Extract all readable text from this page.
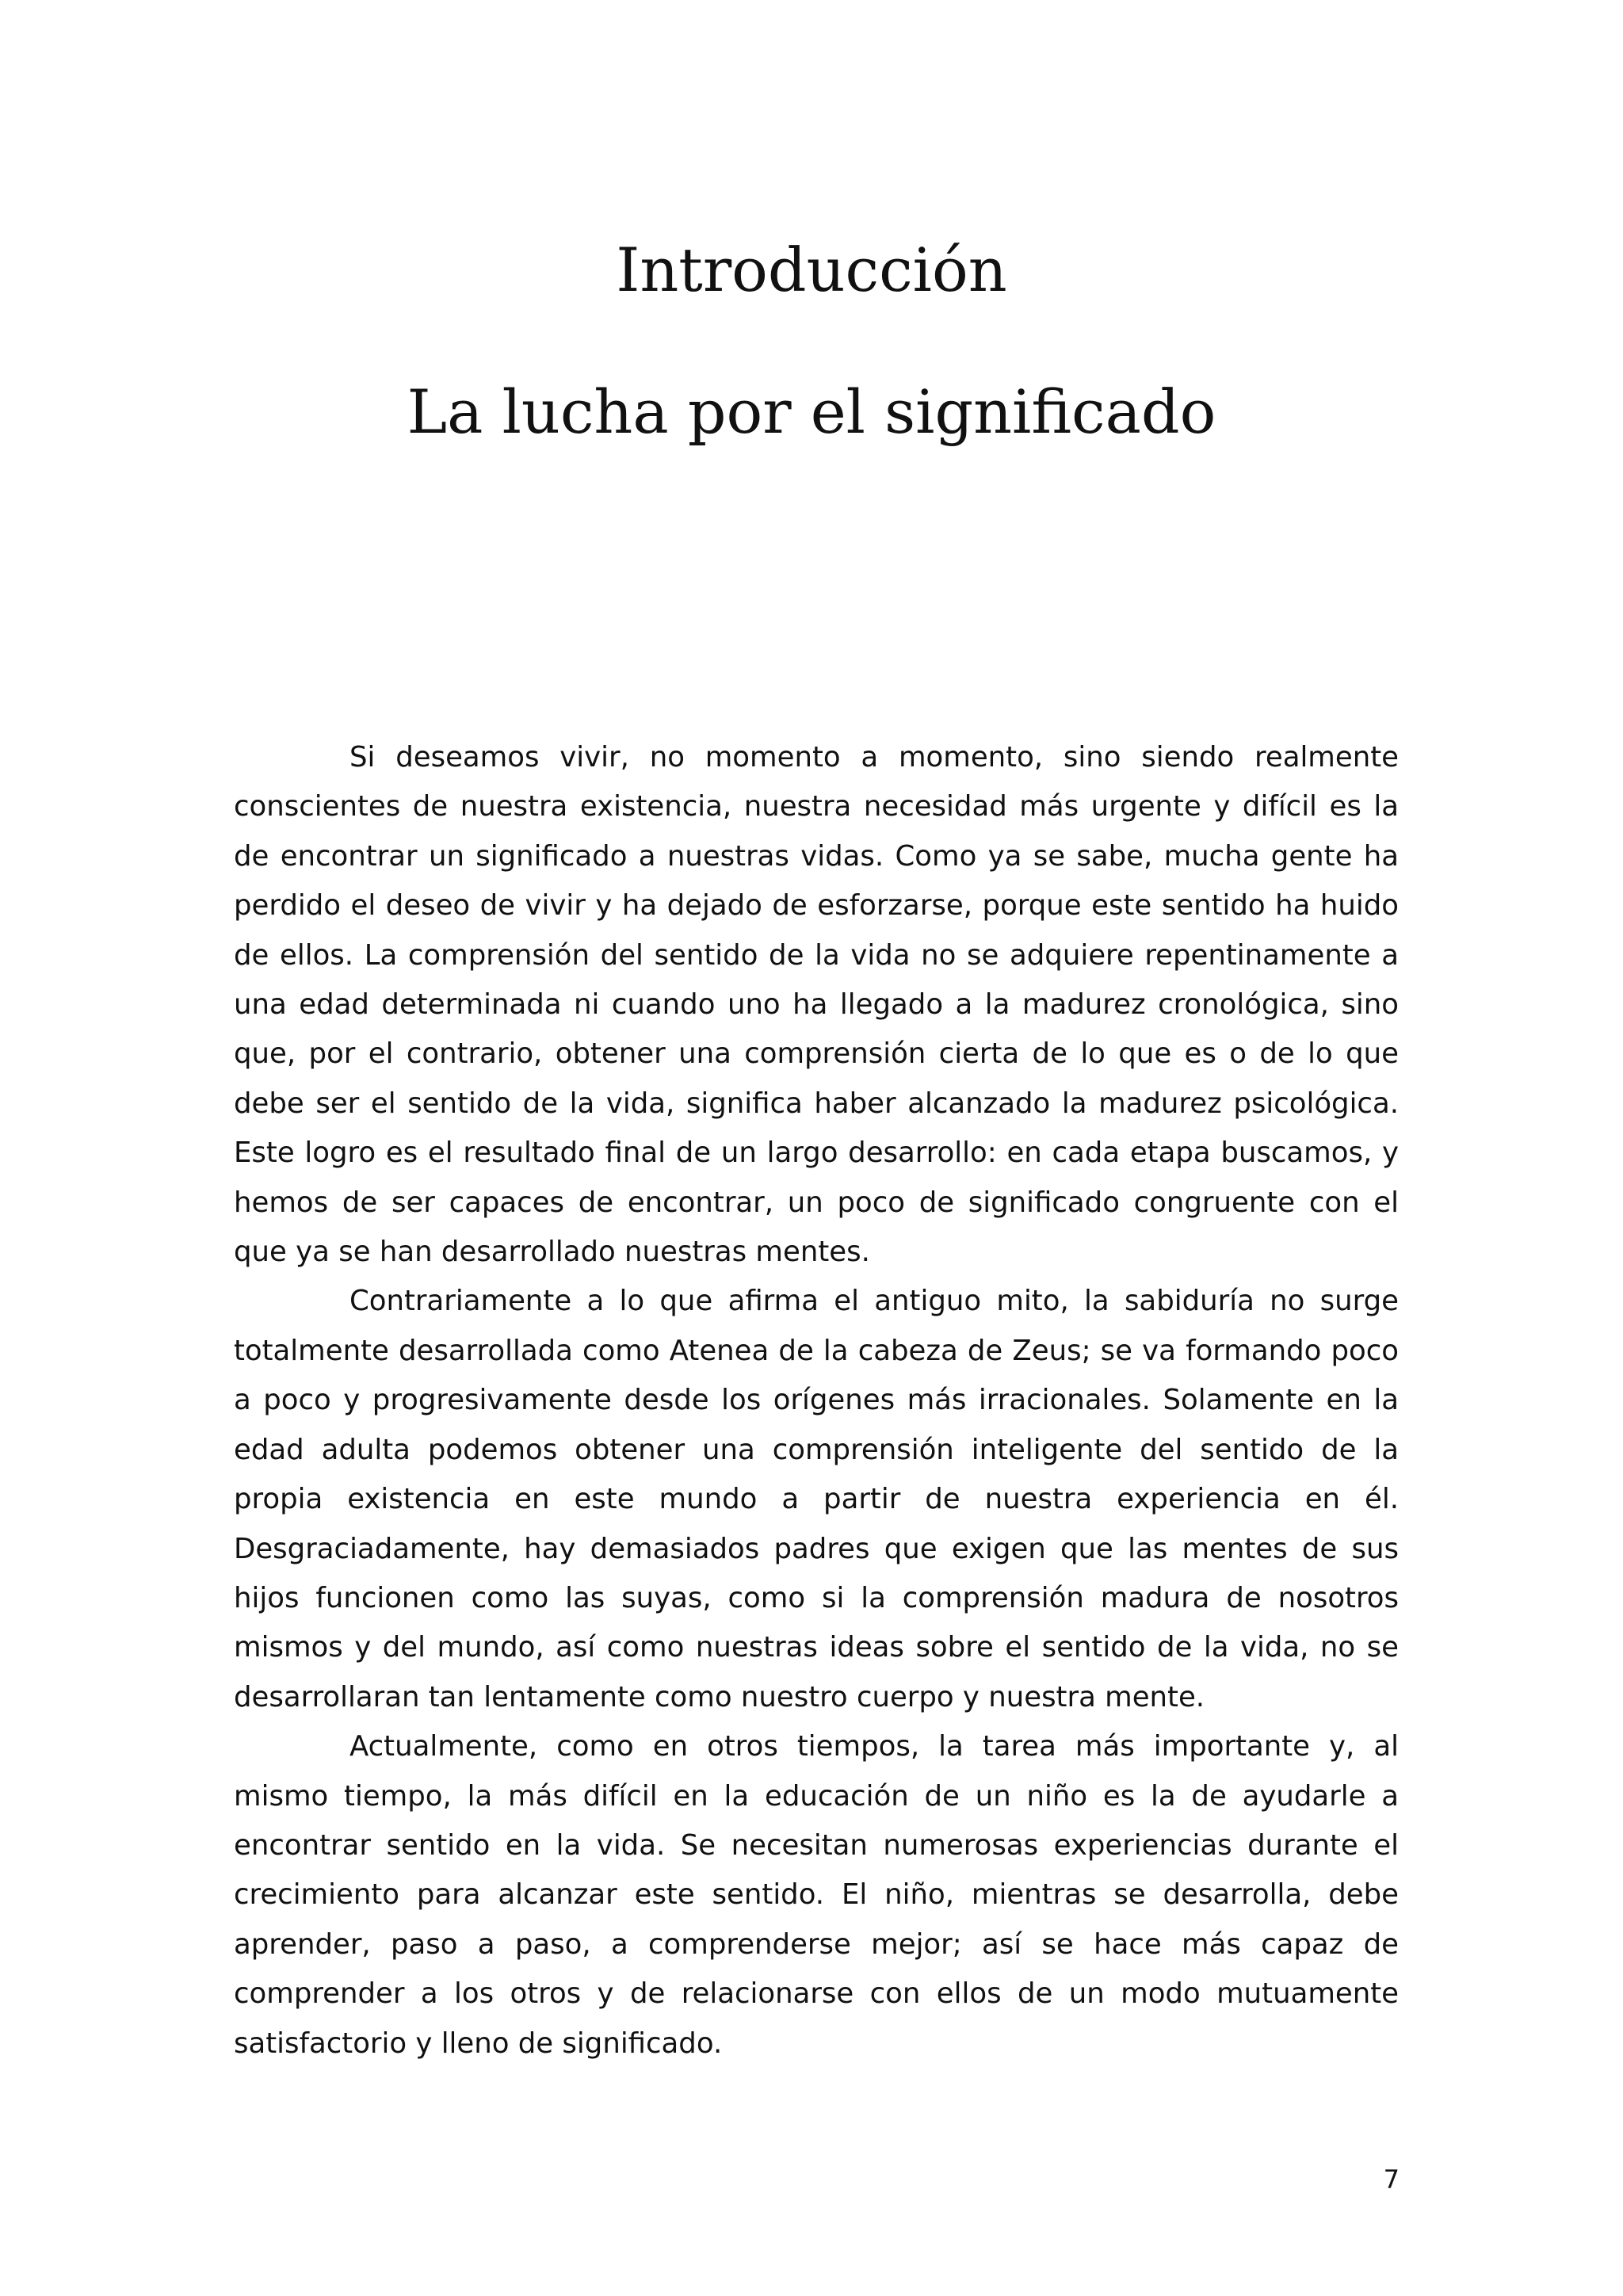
Introducción
La lucha por el significado

Si deseamos vivir, no momento a momento, sino siendo realmente conscientes de nuestra existencia, nuestra necesidad más urgente y difícil es la de encontrar un significado a nuestras vidas. Como ya se sabe, mucha gente ha perdido el deseo de vivir y ha dejado de esforzarse, porque este sentido ha huido de ellos. La comprensión del sentido de la vida no se adquiere repentinamente a una edad determinada ni cuando uno ha llegado a la madurez cronológica, sino que, por el contrario, obtener una comprensión cierta de lo que es o de lo que debe ser el sentido de la vida, significa haber alcanzado la madurez psicológica. Este logro es el resultado final de un largo desarrollo: en cada etapa buscamos, y hemos de ser capaces de encontrar, un poco de significado congruente con el que ya se han desarrollado nuestras mentes.

Contrariamente a lo que afirma el antiguo mito, la sabiduría no surge totalmente desarrollada como Atenea de la cabeza de Zeus; se va formando poco a poco y progresivamente desde los orígenes más irracionales. Solamente en la edad adulta podemos obtener una comprensión inteligente del sentido de la propia existencia en este mundo a partir de nuestra experiencia en él. Desgraciadamente, hay demasiados padres que exigen que las mentes de sus hijos funcionen como las suyas, como si la comprensión madura de nosotros mismos y del mundo, así como nuestras ideas sobre el sentido de la vida, no se desarrollaran tan lentamente como nuestro cuerpo y nuestra mente.

Actualmente, como en otros tiempos, la tarea más importante y, al mismo tiempo, la más difícil en la educación de un niño es la de ayudarle a encontrar sentido en la vida. Se necesitan numerosas experiencias durante el crecimiento para alcanzar este sentido. El niño, mientras se desarrolla, debe aprender, paso a paso, a comprenderse mejor; así se hace más capaz de comprender a los otros y de relacionarse con ellos de un modo mutuamente satisfactorio y lleno de significado.

7
